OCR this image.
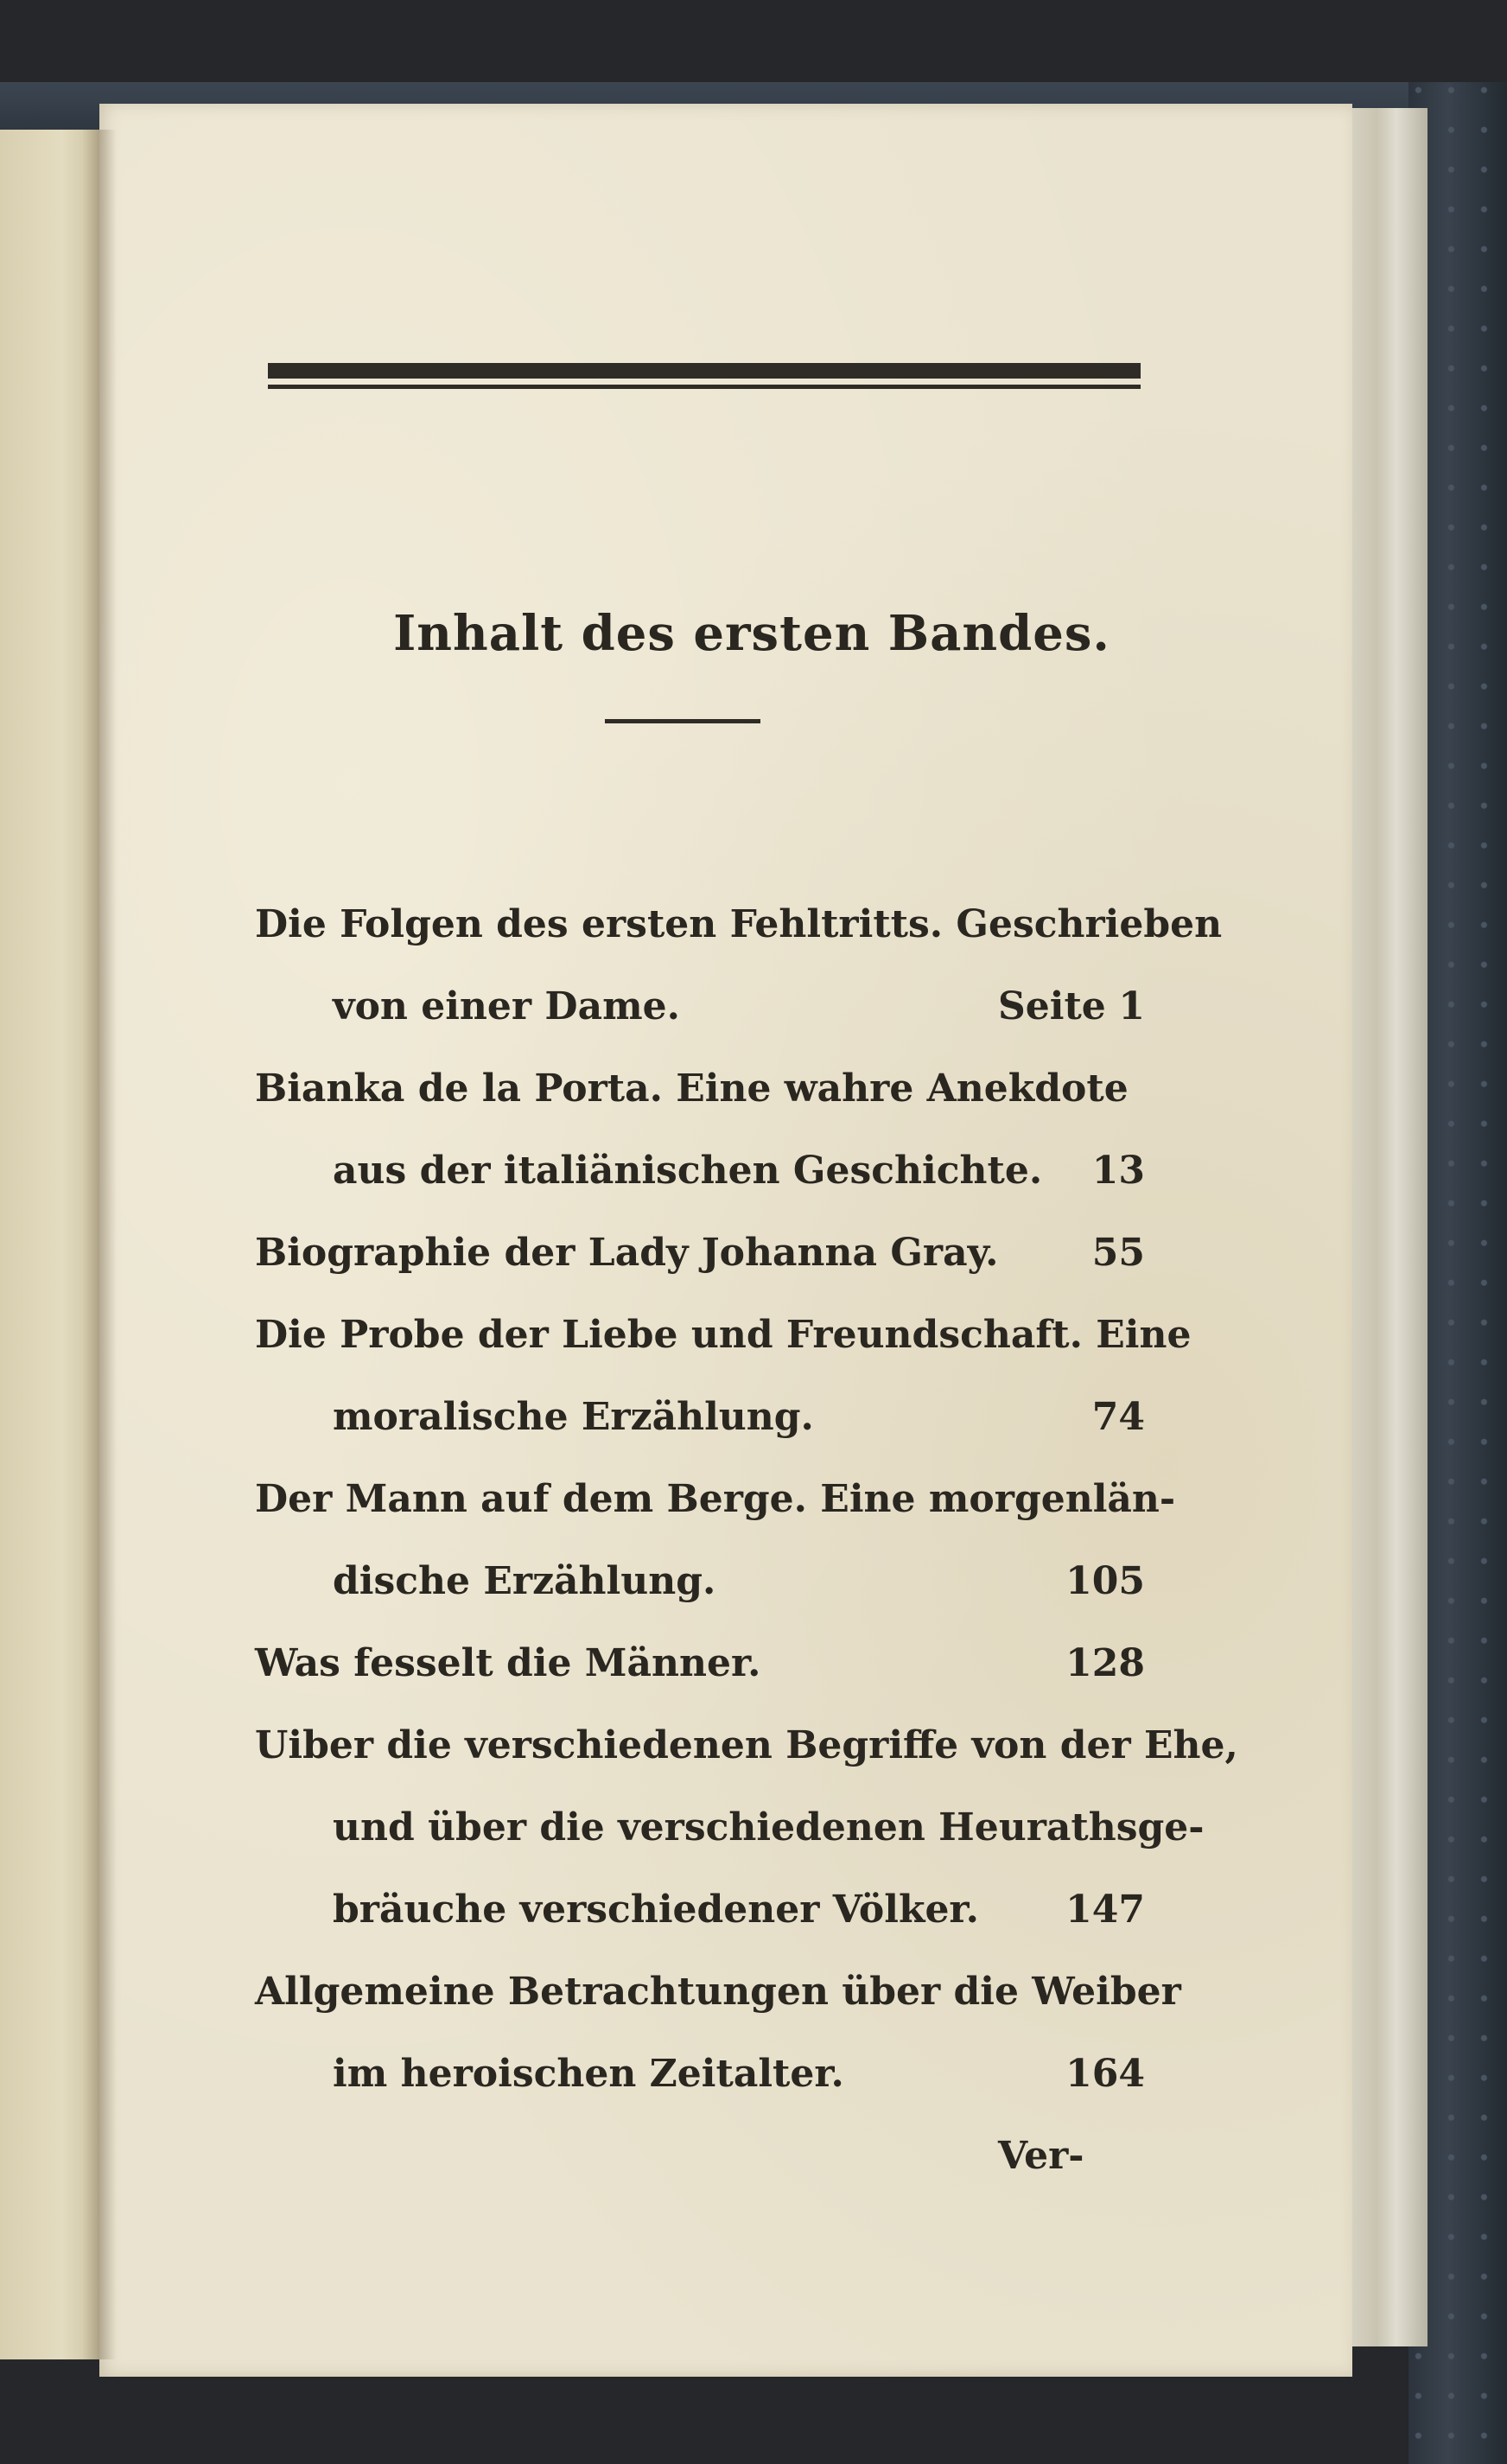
Inhalt des ersten Bandes.
Die Folgen des ersten Fehltritts. Geschrieben
von einer Dame.	Seite 1
Bianka de la Porta. Eine wahre Anekdote
aus der italiänischen Geschichte.	13
Biographie der Lady Johanna Gray.	55
Die Probe der Liebe und Freundschaft. Eine
moralische Erzählung.	74
Der Mann auf dem Berge. Eine morgenlän-
dische Erzählung.	105
Was fesselt die Männer.	128
Uiber die verschiedenen Begriffe von der Ehe,
und über die verschiedenen Heurathsge-
bräuche verschiedener Völker.	147
Allgemeine Betrachtungen über die Weiber
im heroischen Zeitalter.	164
Ver-
